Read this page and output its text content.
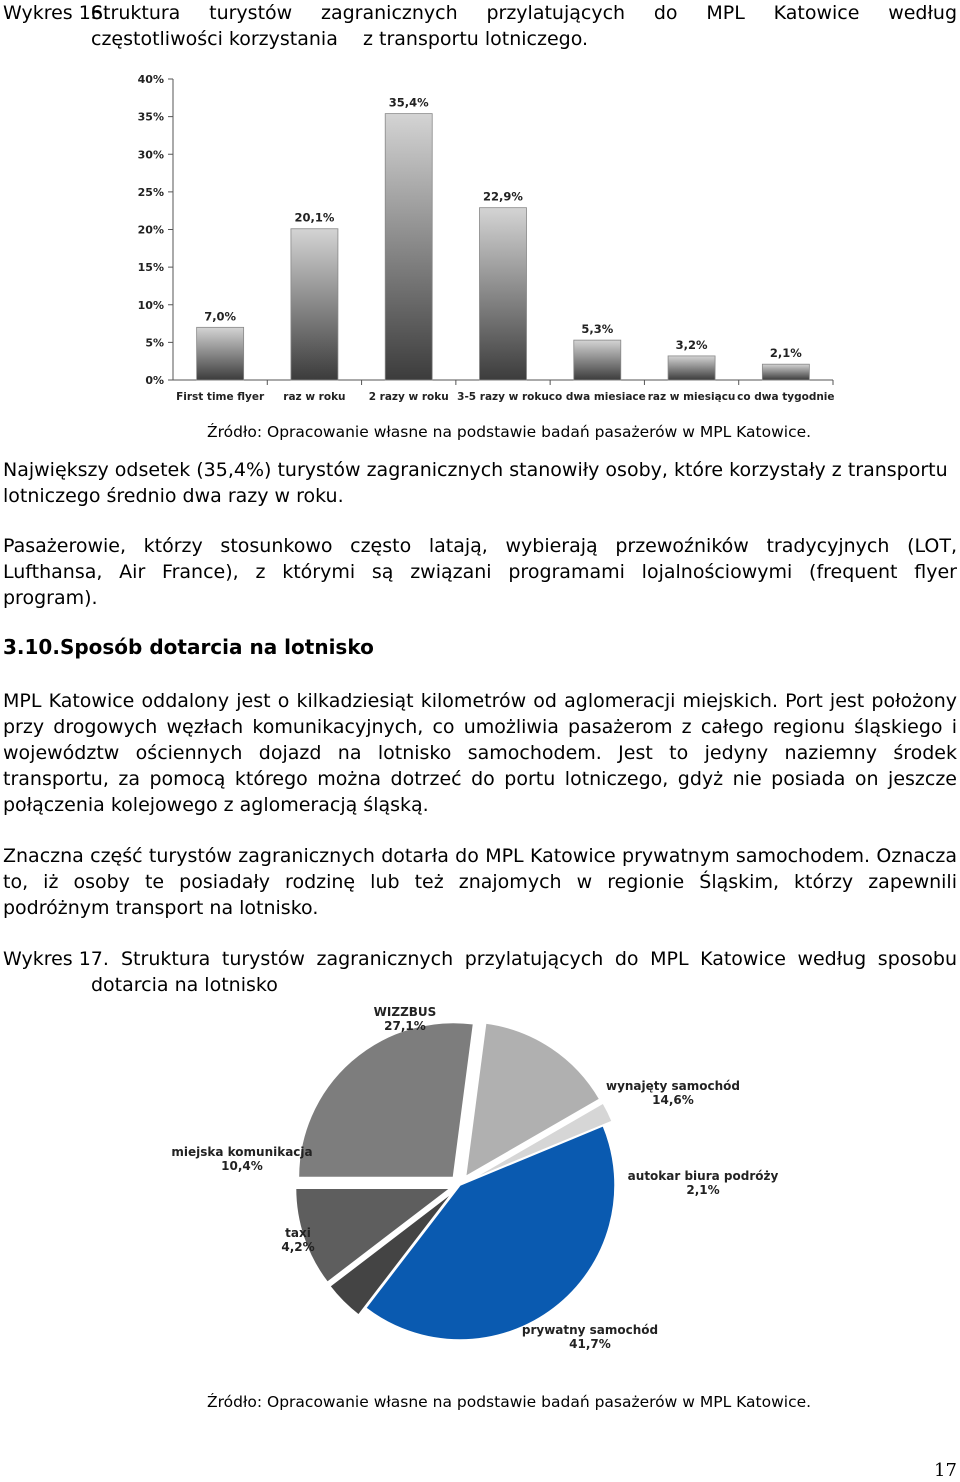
Wykres 16.
Struktura turystów zagranicznych przylatujących do MPL Katowice według
częstotliwości korzystania z transportu lotniczego.
0%
5%
10%
15%
20%
25%
30%
35%
40%
7,0%
First time flyer
20,1%
raz w roku
35,4%
2 razy w roku
22,9%
3-5 razy w roku
5,3%
co dwa miesiace
3,2%
raz w miesiącu
2,1%
co dwa tygodnie
Źródło: Opracowanie własne na podstawie badań pasażerów w MPL Katowice.
Największy odsetek (35,4%) turystów zagranicznych stanowiły osoby, które korzystały z transportu
lotniczego średnio dwa razy w roku.
Pasażerowie, którzy stosunkowo często latają, wybierają przewoźników tradycyjnych (LOT,
Lufthansa, Air France), z którymi są związani programami lojalnościowymi (frequent flyer
program).
3.10.Sposób dotarcia na lotnisko
MPL Katowice oddalony jest o kilkadziesiąt kilometrów od aglomeracji miejskich. Port jest położony
przy drogowych węzłach komunikacyjnych, co umożliwia pasażerom z całego regionu śląskiego i
województw ościennych dojazd na lotnisko samochodem. Jest to jedyny naziemny środek
transportu, za pomocą którego można dotrzeć do portu lotniczego, gdyż nie posiada on jeszcze
połączenia kolejowego z aglomeracją śląską.
Znaczna część turystów zagranicznych dotarła do MPL Katowice prywatnym samochodem. Oznacza
to, iż osoby te posiadały rodzinę lub też znajomych w regionie Śląskim, którzy zapewnili
podróżnym transport na lotnisko.
Wykres 17. Struktura turystów zagranicznych przylatujących do MPL Katowice według sposobu
dotarcia na lotnisko
WIZZBUS
27,1%
wynajęty samochód
14,6%
autokar biura podróży
2,1%
prywatny samochód
41,7%
taxi
4,2%
miejska komunikacja
10,4%
Źródło: Opracowanie własne na podstawie badań pasażerów w MPL Katowice.
17
